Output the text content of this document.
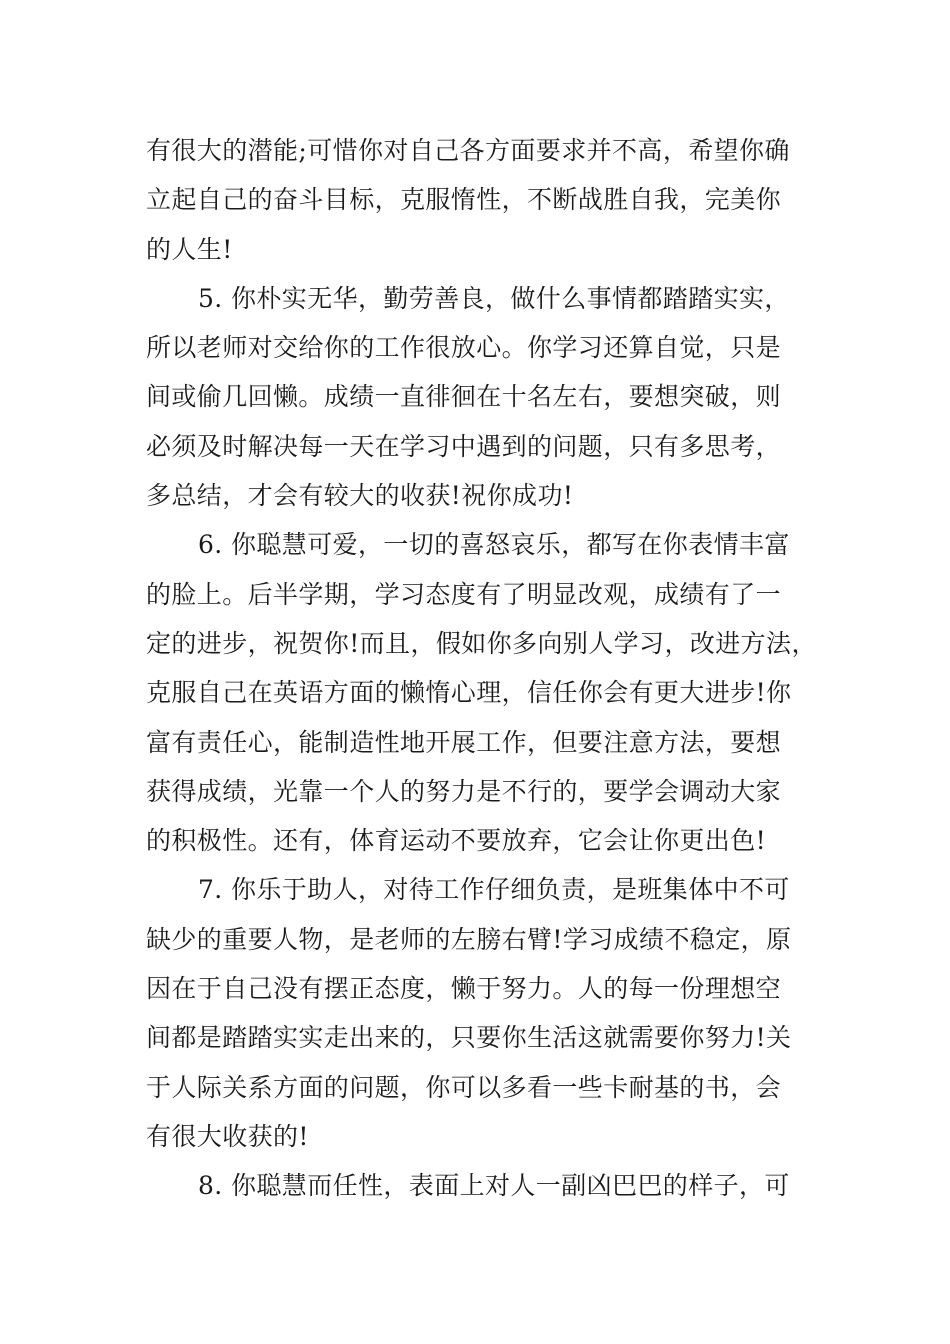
有很大的潜能;可惜你对自己各方面要求并不高，希望你确
立起自己的奋斗目标，克服惰性，不断战胜自我，完美你
的人生!
5. 你朴实无华，勤劳善良，做什么事情都踏踏实实，
所以老师对交给你的工作很放心。你学习还算自觉，只是
间或偷几回懒。成绩一直徘徊在十名左右，要想突破，则
必须及时解决每一天在学习中遇到的问题，只有多思考，
多总结，才会有较大的收获!祝你成功!
6. 你聪慧可爱，一切的喜怒哀乐，都写在你表情丰富
的脸上。后半学期，学习态度有了明显改观，成绩有了一
定的进步，祝贺你!而且，假如你多向别人学习，改进方法，
克服自己在英语方面的懒惰心理，信任你会有更大进步!你
富有责任心，能制造性地开展工作，但要注意方法，要想
获得成绩，光靠一个人的努力是不行的，要学会调动大家
的积极性。还有，体育运动不要放弃，它会让你更出色!
7. 你乐于助人，对待工作仔细负责，是班集体中不可
缺少的重要人物，是老师的左膀右臂!学习成绩不稳定，原
因在于自己没有摆正态度，懒于努力。人的每一份理想空
间都是踏踏实实走出来的，只要你生活这就需要你努力!关
于人际关系方面的问题，你可以多看一些卡耐基的书，会
有很大收获的!
8. 你聪慧而任性，表面上对人一副凶巴巴的样子，可
